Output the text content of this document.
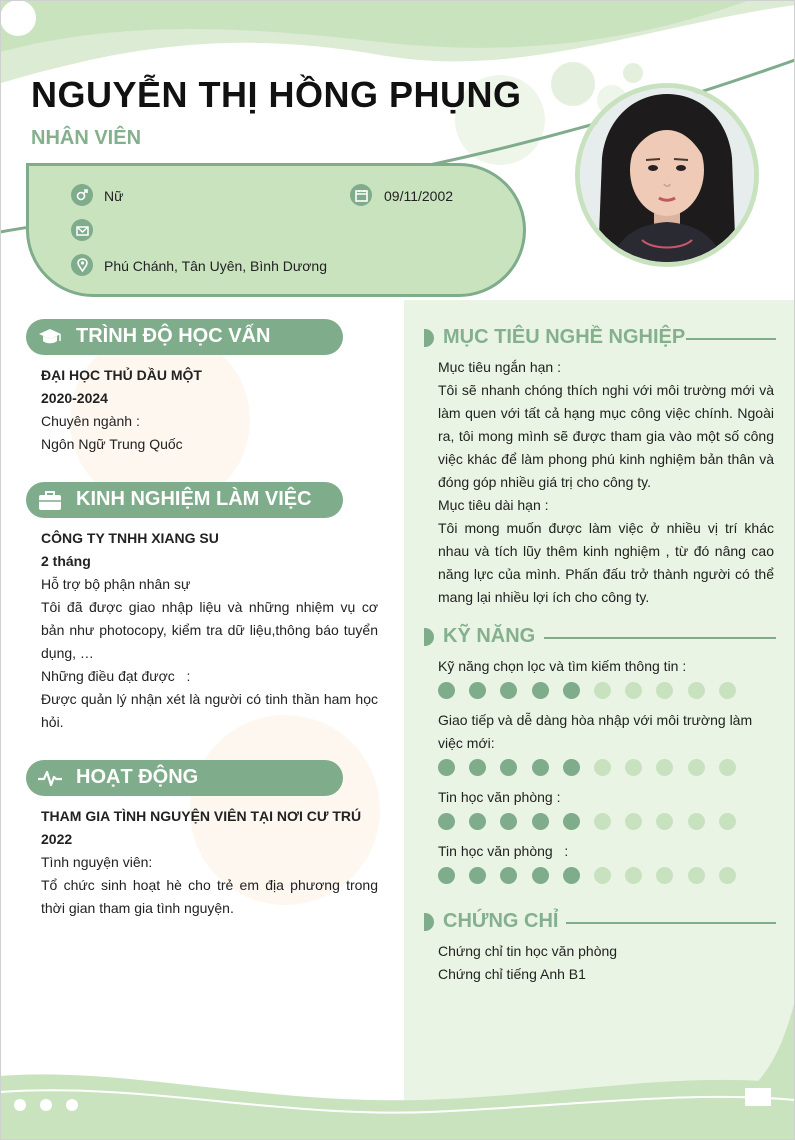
NGUYỄN THỊ HỒNG PHỤNG
NHÂN VIÊN
Nữ	09/11/2002
Phú Chánh, Tân Uyên, Bình Dương
TRÌNH ĐỘ HỌC VẤN
ĐẠI HỌC THỦ DẦU MỘT
2020-2024
Chuyên ngành :
Ngôn Ngữ Trung Quốc
KINH NGHIỆM LÀM VIỆC
CÔNG TY TNHH XIANG SU
2 tháng
Hỗ trợ bộ phận nhân sự
Tôi đã được giao nhập liệu và những nhiệm vụ cơ bản như photocopy, kiểm tra dữ liệu,thông báo tuyển dụng, …
Những điều đạt được   :
Được quản lý nhận xét là người có tinh thần ham học hỏi.
HOẠT ĐỘNG
THAM GIA TÌNH NGUYỆN VIÊN TẠI NƠI CƯ TRÚ
2022
Tình nguyện viên:
Tổ chức sinh hoạt hè cho trẻ em địa phương trong thời gian tham gia tình nguyện.
MỤC TIÊU NGHỀ NGHIỆP
Mục tiêu ngắn hạn :
Tôi sẽ nhanh chóng thích nghi với môi trường mới và làm quen với tất cả hạng mục công việc chính. Ngoài ra, tôi mong mình sẽ được tham gia vào một số công việc khác để làm phong phú kinh nghiệm bản thân và đóng góp nhiều giá trị cho công ty.
Mục tiêu dài hạn :
Tôi mong muốn được làm việc ở nhiều vị trí khác nhau và tích lũy thêm kinh nghiệm , từ đó nâng cao năng lực của mình. Phấn đấu trở thành người có thể mang lại nhiều lợi ích cho công ty.
KỸ NĂNG
Kỹ năng chọn lọc và tìm kiếm thông tin :
Giao tiếp và dễ dàng hòa nhập với môi trường làm việc mới:
Tin học văn phòng :
Tin học văn phòng   :
CHỨNG CHỈ
Chứng chỉ tin học văn phòng
Chứng chỉ tiếng Anh B1
